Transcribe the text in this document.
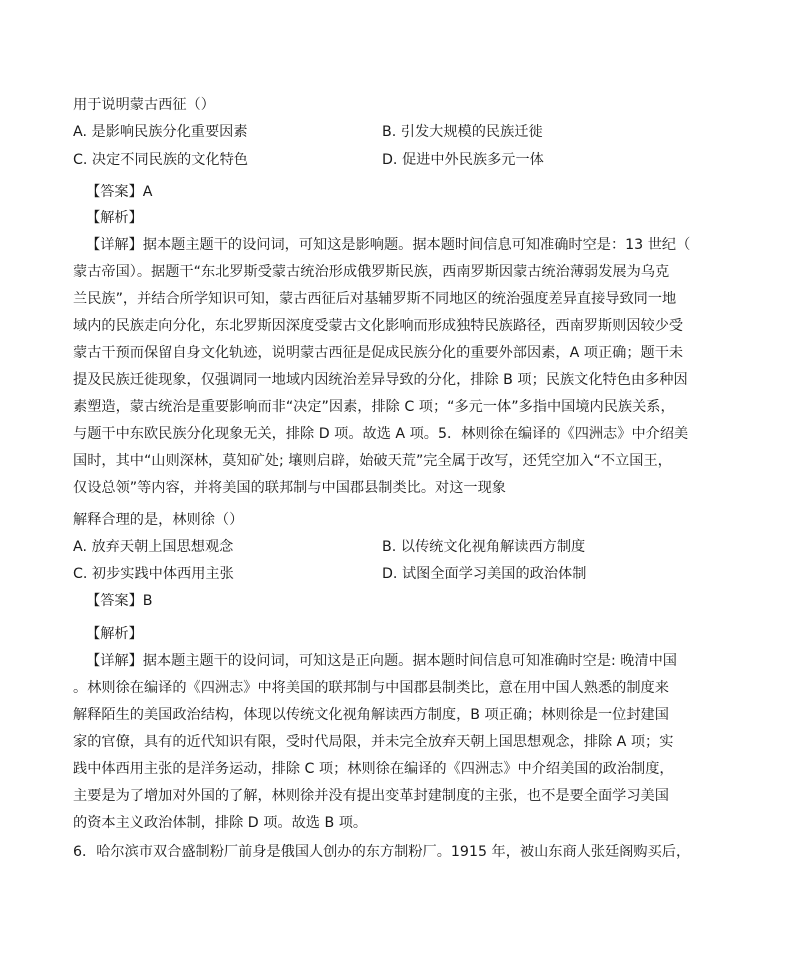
用于说明蒙古西征（）
A. 是影响民族分化重要因素	B. 引发大规模的民族迁徙
C. 决定不同民族的文化特色	D. 促进中外民族多元一体
【答案】A
【解析】

【详解】据本题主题干的设问词，可知这是影响题。据本题时间信息可知准确时空是：13 世纪（

蒙古帝国）。据题干“东北罗斯受蒙古统治形成俄罗斯民族，西南罗斯因蒙古统治薄弱发展为乌克

兰民族”，并结合所学知识可知，蒙古西征后对基辅罗斯不同地区的统治强度差异直接导致同一地

域内的民族走向分化，东北罗斯因深度受蒙古文化影响而形成独特民族路径，西南罗斯则因较少受

蒙古干预而保留自身文化轨迹，说明蒙古西征是促成民族分化的重要外部因素，A 项正确；题干未

提及民族迁徙现象，仅强调同一地域内因统治差异导致的分化，排除 B 项；民族文化特色由多种因

素塑造，蒙古统治是重要影响而非“决定”因素，排除 C 项；“多元一体”多指中国境内民族关系，

与题干中东欧民族分化现象无关，排除 D 项。故选 A 项。5．林则徐在编译的《四洲志》中介绍美

国时，其中“山则深林，莫知矿处; 壤则启辟，始破天荒”完全属于改写，还凭空加入“不立国王，

仅设总领”等内容，并将美国的联邦制与中国郡县制类比。对这一现象

解释合理的是，林则徐（）
A. 放弃天朝上国思想观念	B. 以传统文化视角解读西方制度
C. 初步实践中体西用主张	D. 试图全面学习美国的政治体制
【答案】B
【解析】

【详解】据本题主题干的设问词，可知这是正向题。据本题时间信息可知准确时空是: 晚清中国

。林则徐在编译的《四洲志》中将美国的联邦制与中国郡县制类比，意在用中国人熟悉的制度来

解释陌生的美国政治结构，体现以传统文化视角解读西方制度，B 项正确；林则徐是一位封建国

家的官僚，具有的近代知识有限，受时代局限，并未完全放弃天朝上国思想观念，排除 A 项；实

践中体西用主张的是洋务运动，排除 C 项；林则徐在编译的《四洲志》中介绍美国的政治制度，

主要是为了增加对外国的了解，林则徐并没有提出变革封建制度的主张，也不是要全面学习美国

的资本主义政治体制，排除 D 项。故选 B 项。

6．哈尔滨市双合盛制粉厂前身是俄国人创办的东方制粉厂。1915 年，被山东商人张廷阁购买后，
